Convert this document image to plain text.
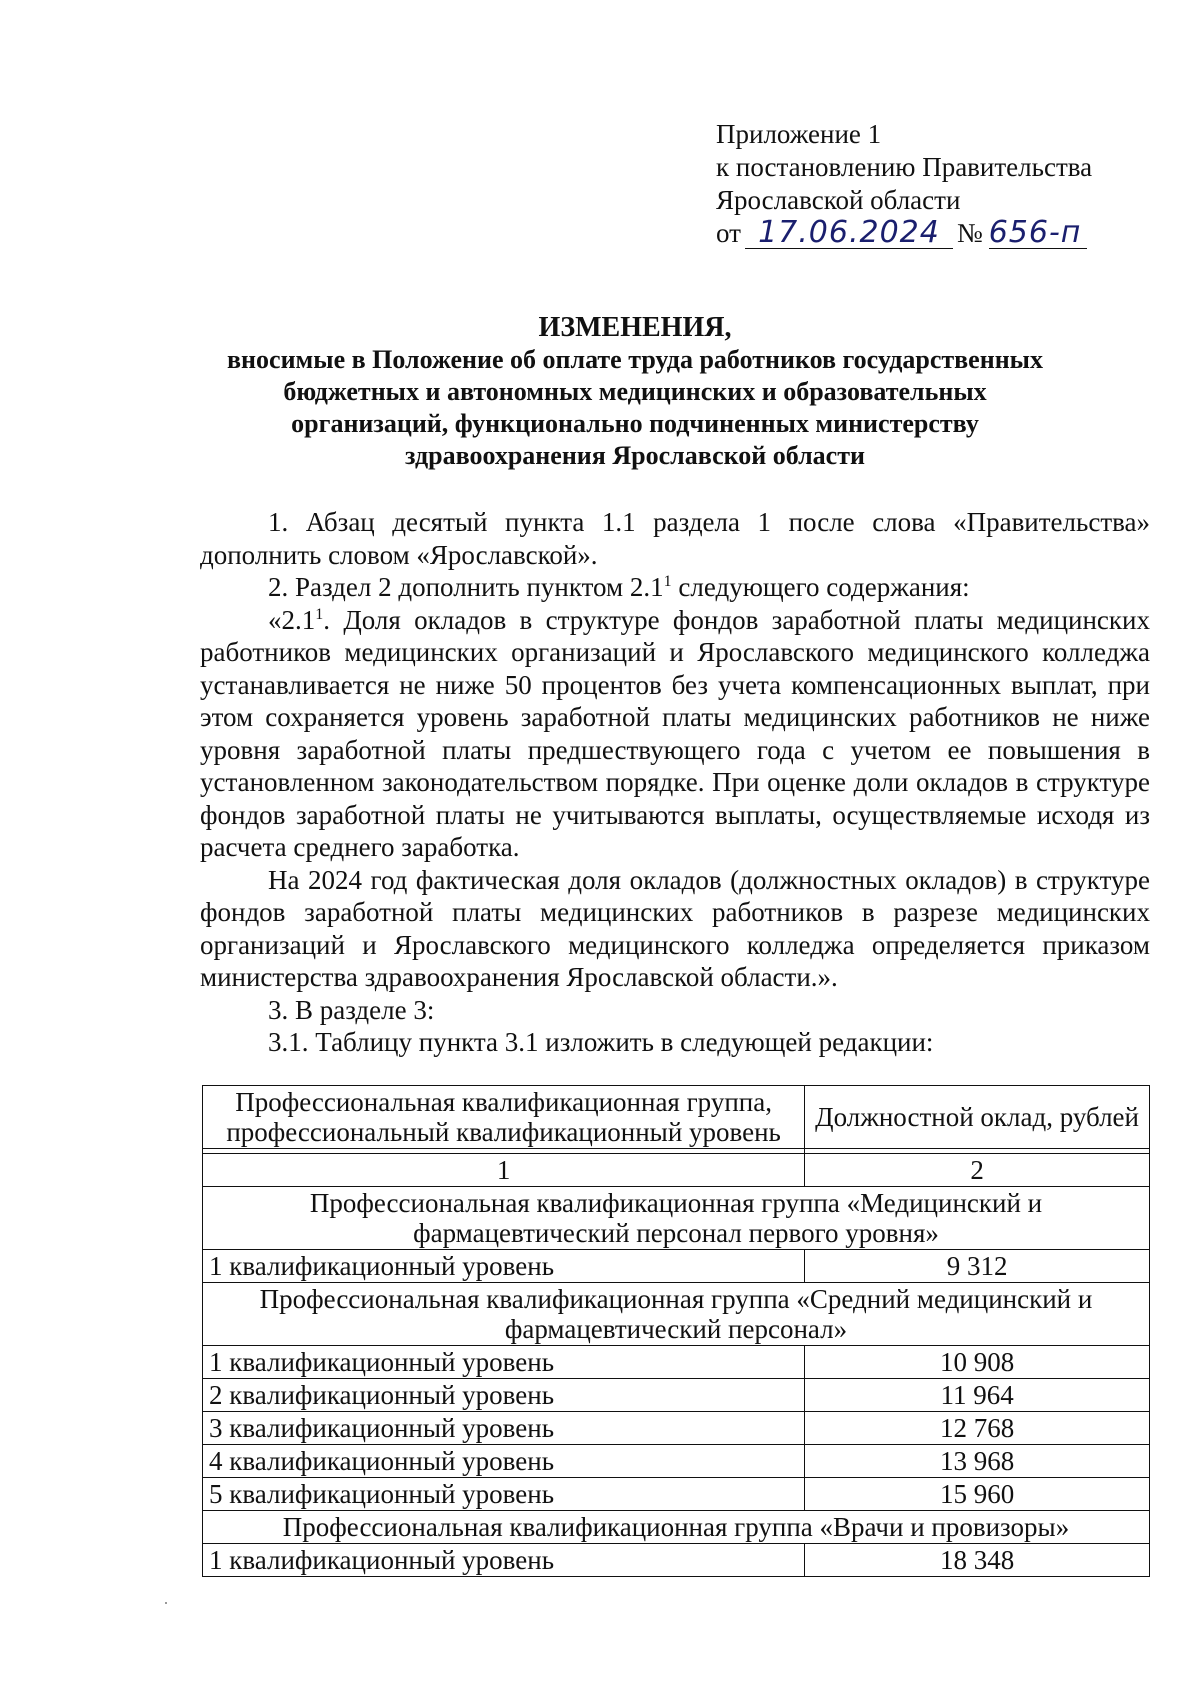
Приложение 1
к постановлению Правительства
Ярославской области
от 17.06.2024 № 656-п
ИЗМЕНЕНИЯ,
вносимые в Положение об оплате труда работников государственных
бюджетных и автономных медицинских и образовательных
организаций, функционально подчиненных министерству
здравоохранения Ярославской области

1. Абзац десятый пункта 1.1 раздела 1 после слова «Правительства» дополнить словом «Ярославской».

2. Раздел 2 дополнить пунктом $2.1^1$ следующего содержания:

«$2.1^1$. Доля окладов в структуре фондов заработной платы медицинских работников медицинских организаций и Ярославского медицинского колледжа устанавливается не ниже 50 процентов без учета компенсационных выплат, при этом сохраняется уровень заработной платы медицинских работников не ниже уровня заработной платы предшествующего года с учетом ее повышения в установленном законодательством порядке. При оценке доли окладов в структуре фондов заработной платы не учитываются выплаты, осуществляемые исходя из расчета среднего заработка.

На 2024 год фактическая доля окладов (должностных окладов) в структуре фондов заработной платы медицинских работников в разрезе медицинских организаций и Ярославского медицинского колледжа определяется приказом министерства здравоохранения Ярославской области.».

3. В разделе 3:

3.1. Таблицу пункта 3.1 изложить в следующей редакции:

Профессиональная квалификационная группа, профессиональный квалификационный уровень	Должностной оклад, рублей

1	2
Профессиональная квалификационная группа «Медицинский и фармацевтический персонал первого уровня»	
1 квалификационный уровень	9 312
Профессиональная квалификационная группа «Средний медицинский и фармацевтический персонал»	
1 квалификационный уровень	10 908
2 квалификационный уровень	11 964
3 квалификационный уровень	12 768
4 квалификационный уровень	13 968
5 квалификационный уровень	15 960
Профессиональная квалификационная группа «Врачи и провизоры»	
1 квалификационный уровень	18 348
